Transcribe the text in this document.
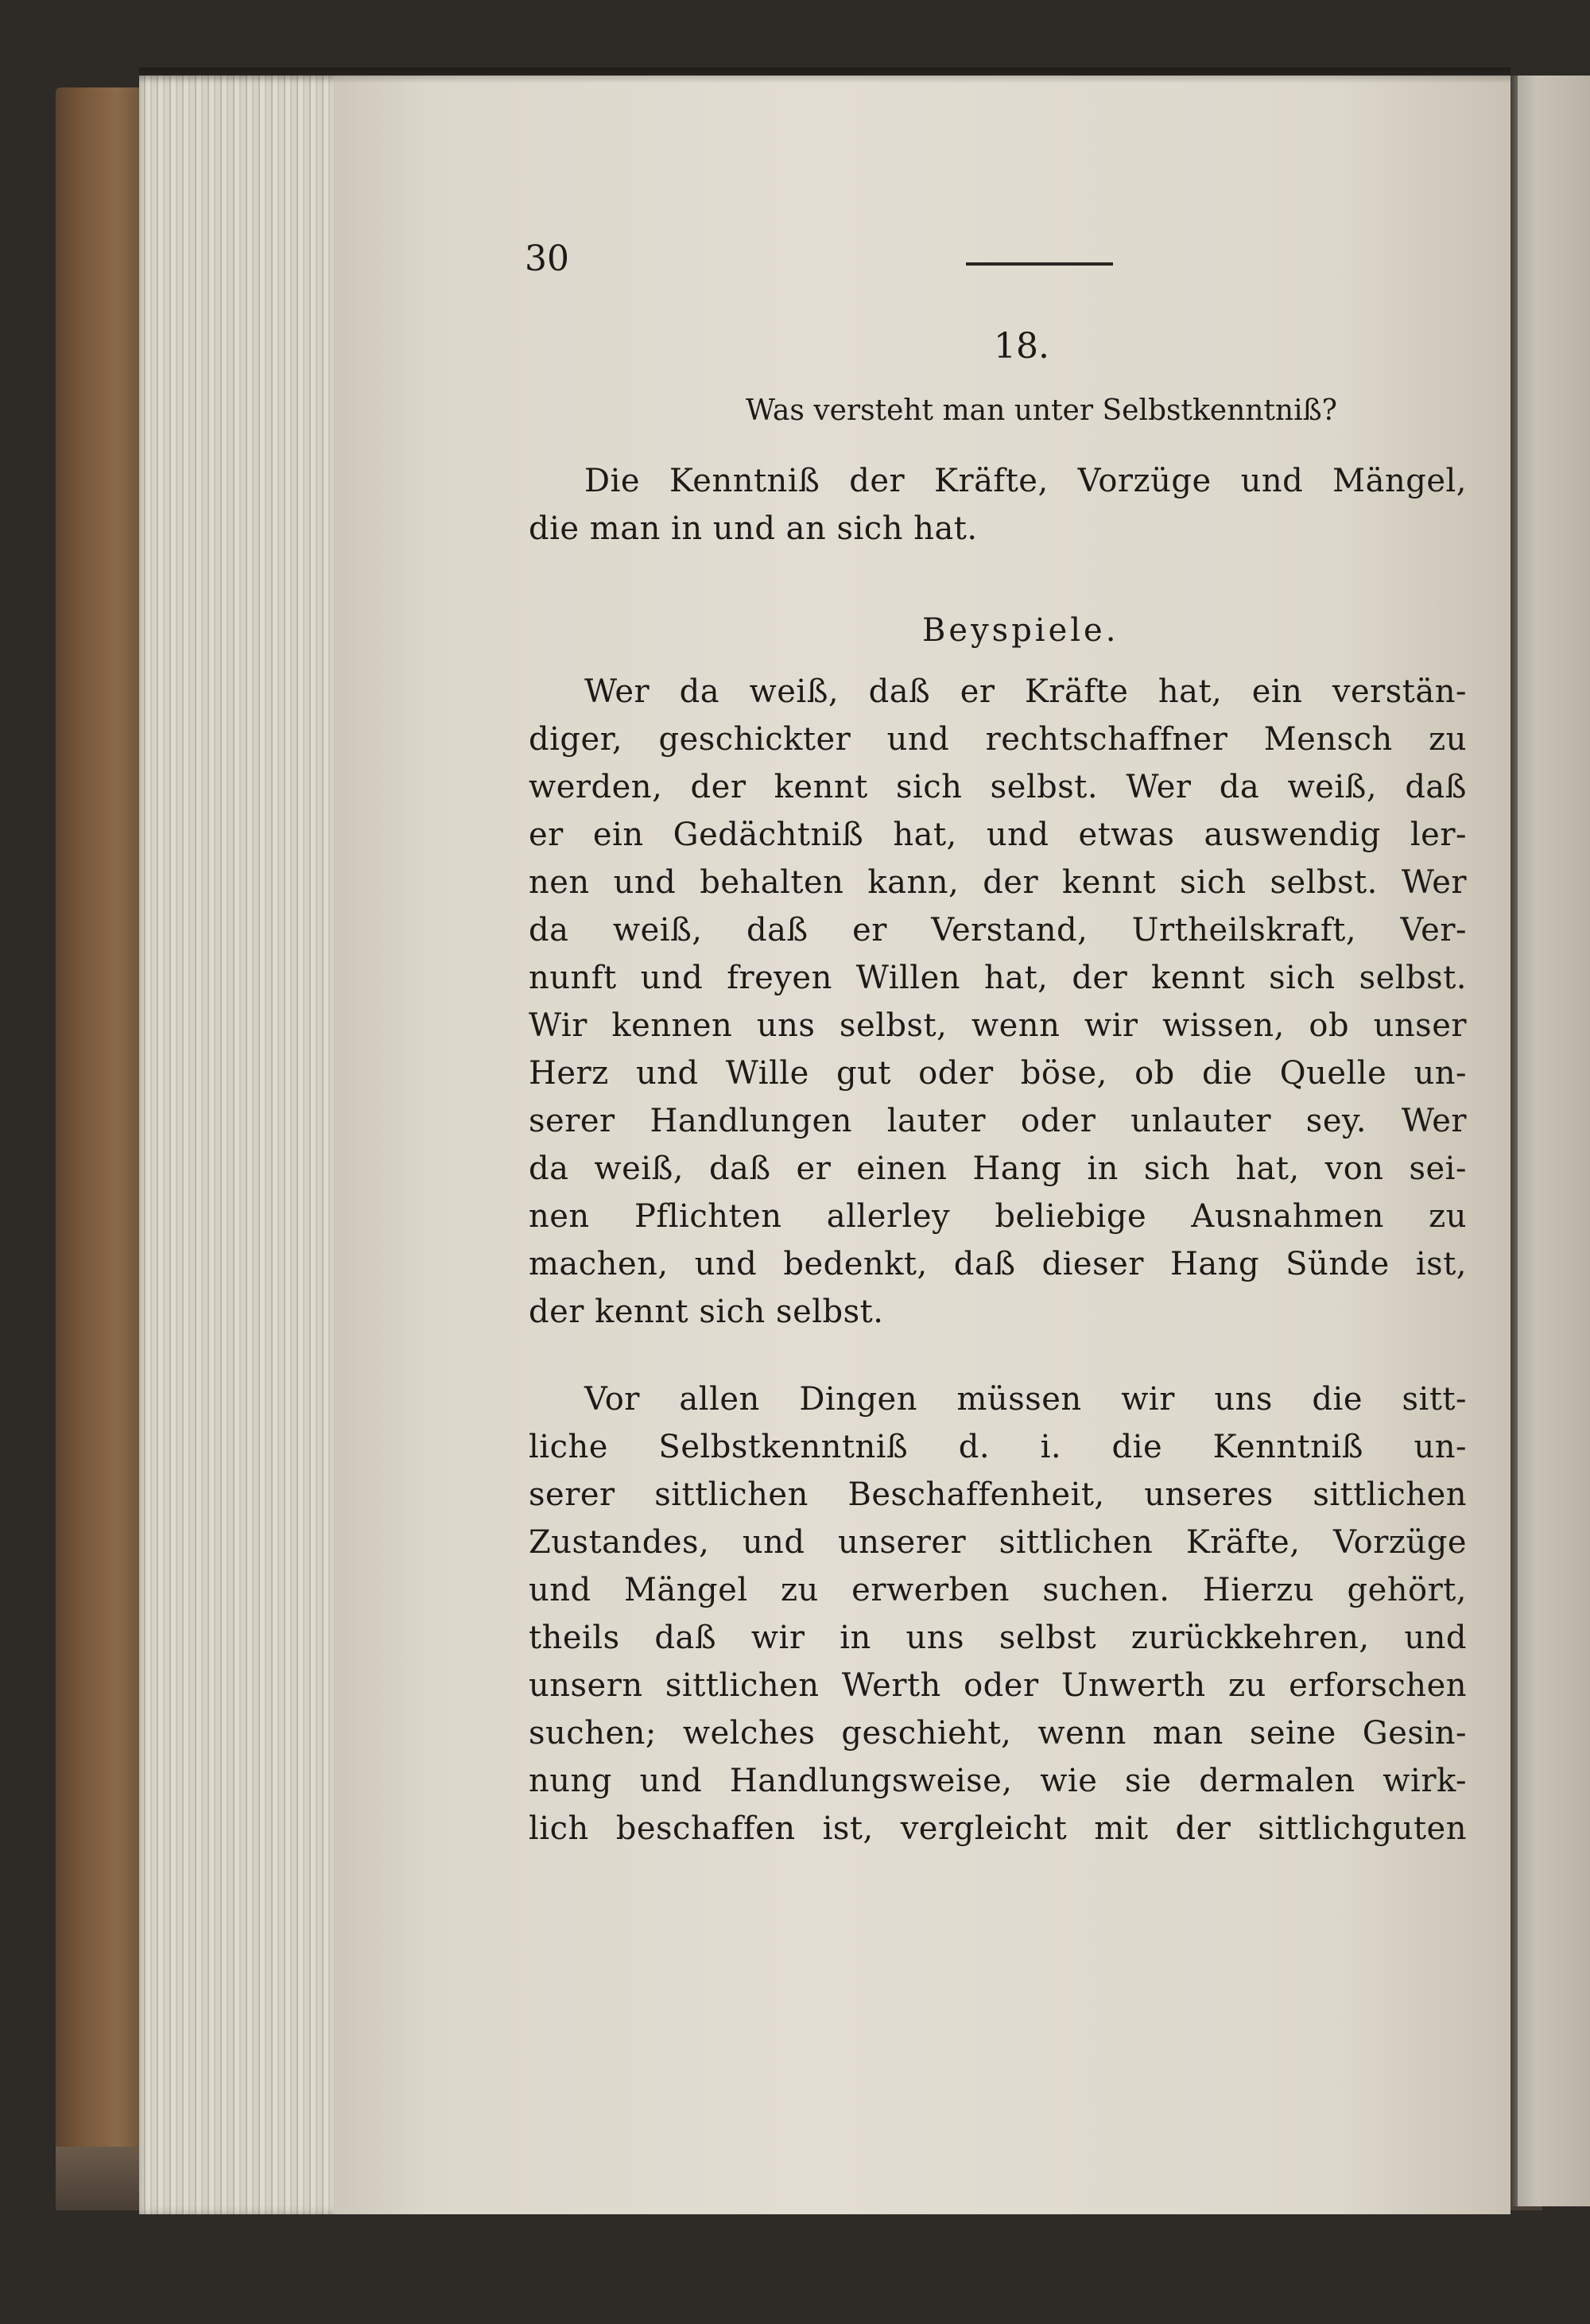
30
18.
Was versteht man unter Selbstkenntniß?
Die Kenntniß der Kräfte, Vorzüge und Mängel,
die man in und an sich hat.
Beyspiele.
Wer da weiß, daß er Kräfte hat, ein verstän-
diger, geschickter und rechtschaffner Mensch zu
werden, der kennt sich selbst. Wer da weiß, daß
er ein Gedächtniß hat, und etwas auswendig ler-
nen und behalten kann, der kennt sich selbst. Wer
da weiß, daß er Verstand, Urtheilskraft, Ver-
nunft und freyen Willen hat, der kennt sich selbst.
Wir kennen uns selbst, wenn wir wissen, ob unser
Herz und Wille gut oder böse, ob die Quelle un-
serer Handlungen lauter oder unlauter sey. Wer
da weiß, daß er einen Hang in sich hat, von sei-
nen Pflichten allerley beliebige Ausnahmen zu
machen, und bedenkt, daß dieser Hang Sünde ist,
der kennt sich selbst.
Vor allen Dingen müssen wir uns die sitt-
liche Selbstkenntniß d. i. die Kenntniß un-
serer sittlichen Beschaffenheit, unseres sittlichen
Zustandes, und unserer sittlichen Kräfte, Vorzüge
und Mängel zu erwerben suchen. Hierzu gehört,
theils daß wir in uns selbst zurückkehren, und
unsern sittlichen Werth oder Unwerth zu erforschen
suchen; welches geschieht, wenn man seine Gesin-
nung und Handlungsweise, wie sie dermalen wirk-
lich beschaffen ist, vergleicht mit der sittlichguten
